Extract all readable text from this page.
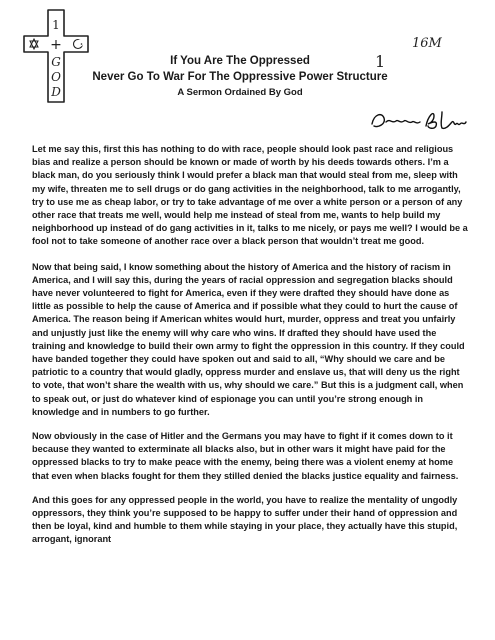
1
+
G
O
D
16M
1

If You Are The Oppressed

Never Go To War For The Oppressive Power Structure

A Sermon Ordained By God

Let me say this, first this has nothing to do with race, people should look past race and religious bias and realize a person should be known or made of worth by his deeds towards others. I’m a black man, do you seriously think I would prefer a black man that would steal from me, sleep with my wife, threaten me to sell drugs or do gang activities in the neighborhood, talk to me arrogantly, try to use me as cheap labor, or try to take advantage of me over a white person or a person of any other race that treats me well, would help me instead of steal from me, wants to help build my neighborhood up instead of do gang activities in it, talks to me nicely, or pays me well? I would be a fool not to take someone of another race over a black person that wouldn’t treat me good.

Now that being said, I know something about the history of America and the history of racism in America, and I will say this, during the years of racial oppression and segregation blacks should have never volunteered to fight for America, even if they were drafted they should have done as little as possible to help the cause of America and if possible what they could to hurt the cause of America. The reason being if American whites would hurt, murder, oppress and treat you unfairly and unjustly just like the enemy will why care who wins. If drafted they should have used the training and knowledge to build their own army to fight the oppression in this country. If they could have banded together they could have spoken out and said to all, “Why should we care and be patriotic to a country that would gladly, oppress murder and enslave us, that will deny us the right to vote, that won’t share the wealth with us, why should we care.” But this is a judgment call, when to speak out, or just do whatever kind of espionage you can until you’re strong enough in knowledge and in numbers to go further.

Now obviously in the case of Hitler and the Germans you may have to fight if it comes down to it because they wanted to exterminate all blacks also, but in other wars it might have paid for the oppressed blacks to try to make peace with the enemy, being there was a violent enemy at home that even when blacks fought for them they stilled denied the blacks justice equality and fairness.

And this goes for any oppressed people in the world, you have to realize the mentality of ungodly oppressors, they think you’re supposed to be happy to suffer under their hand of oppression and then be loyal, kind and humble to them while staying in your place, they actually have this stupid, arrogant, ignorant
